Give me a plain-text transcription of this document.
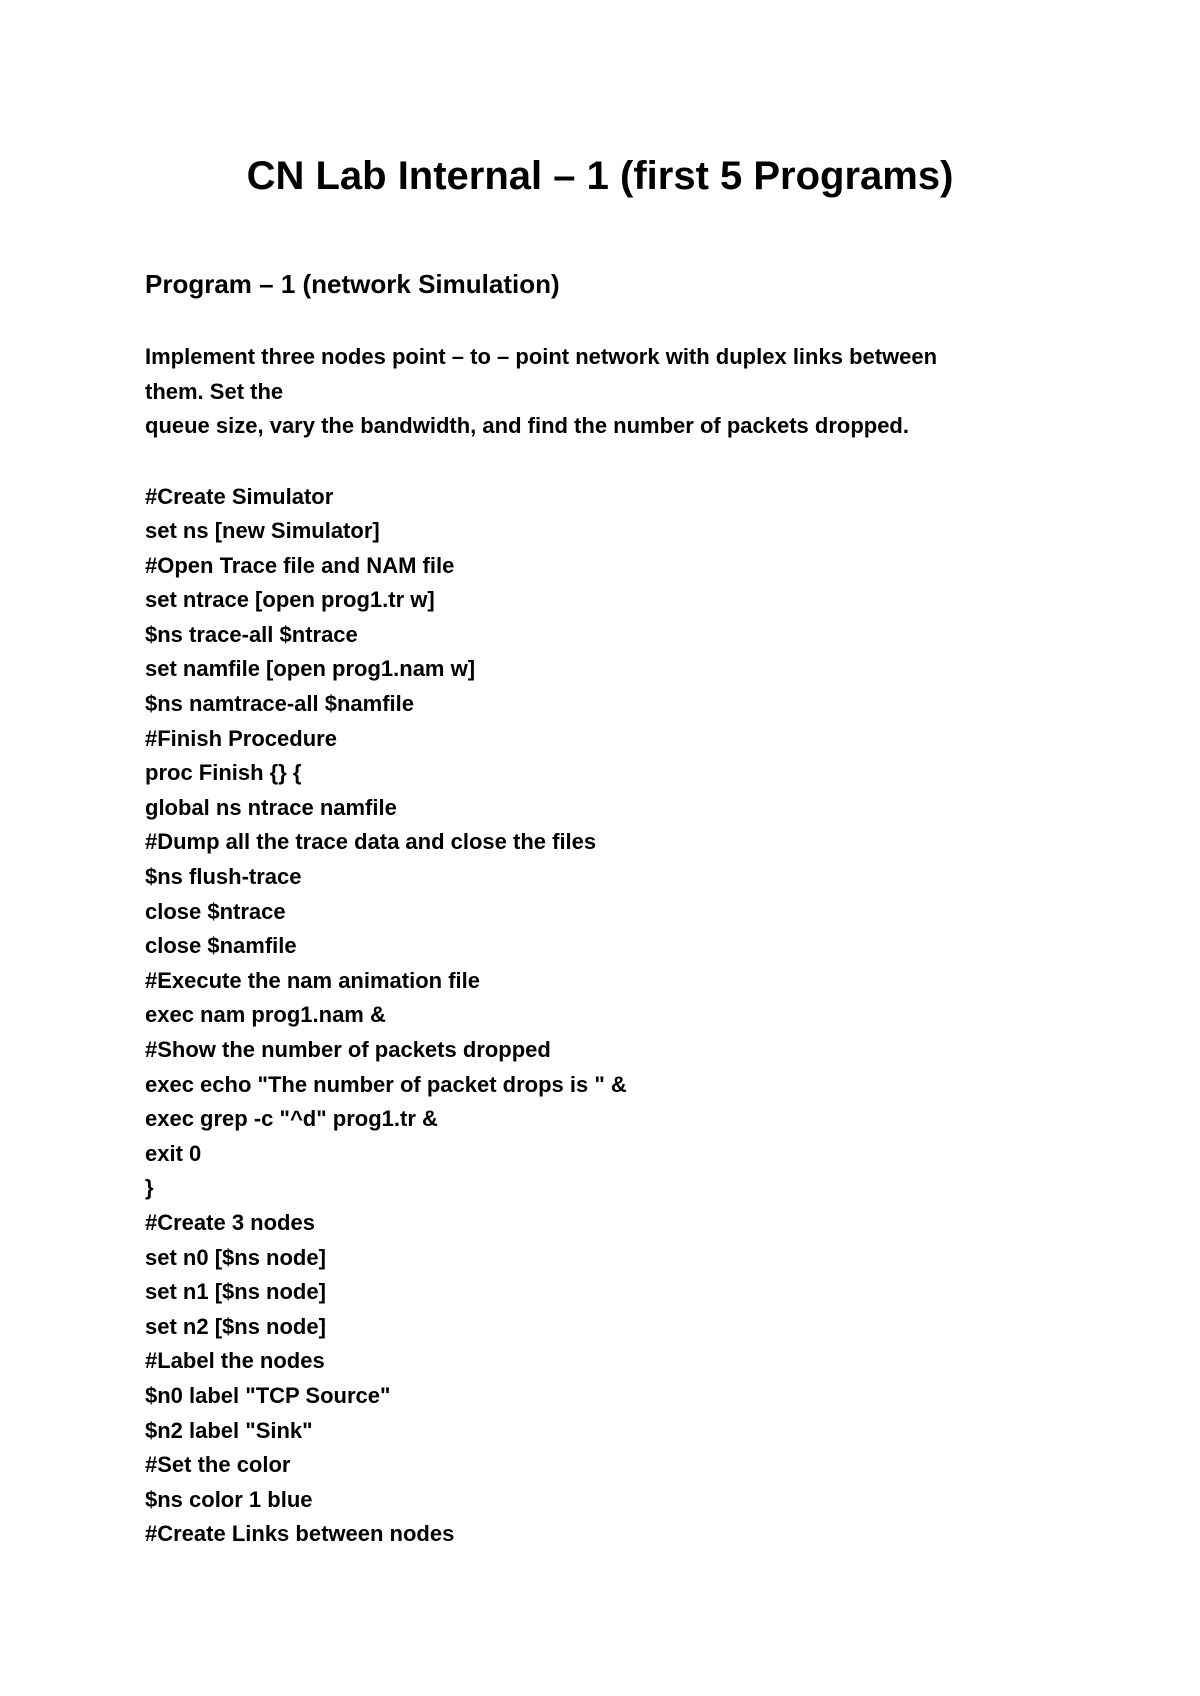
CN Lab Internal – 1 (first 5 Programs)
Program – 1 (network Simulation)
Implement three nodes point – to – point network with duplex links between
them. Set the
queue size, vary the bandwidth, and find the number of packets dropped.
#Create Simulator
set ns [new Simulator]
#Open Trace file and NAM file
set ntrace [open prog1.tr w]
$ns trace-all $ntrace
set namfile [open prog1.nam w]
$ns namtrace-all $namfile
#Finish Procedure
proc Finish {} {
global ns ntrace namfile
#Dump all the trace data and close the files
$ns flush-trace
close $ntrace
close $namfile
#Execute the nam animation file
exec nam prog1.nam &
#Show the number of packets dropped
exec echo "The number of packet drops is " &
exec grep -c "^d" prog1.tr &
exit 0
}
#Create 3 nodes
set n0 [$ns node]
set n1 [$ns node]
set n2 [$ns node]
#Label the nodes
$n0 label "TCP Source"
$n2 label "Sink"
#Set the color
$ns color 1 blue
#Create Links between nodes
